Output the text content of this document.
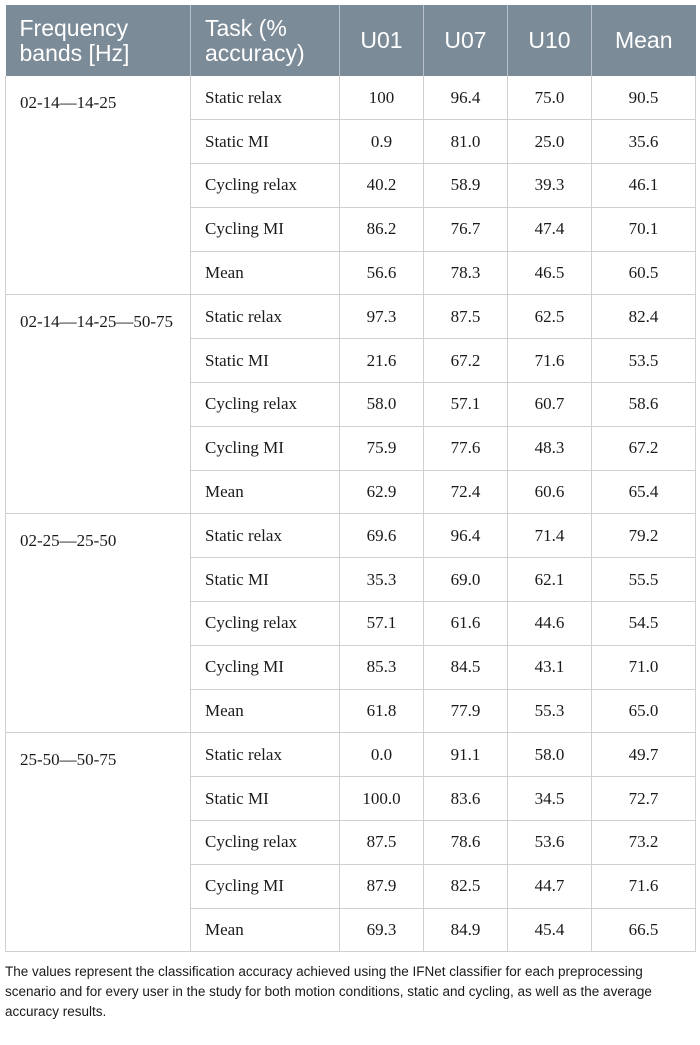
Frequency bands [Hz]	Task (% accuracy)	U01	U07	U10	Mean
02-14—14-25	Static relax	100	96.4	75.0	90.5
	Static MI	0.9	81.0	25.0	35.6
	Cycling relax	40.2	58.9	39.3	46.1
	Cycling MI	86.2	76.7	47.4	70.1
	Mean	56.6	78.3	46.5	60.5
02-14—14-25—50-75	Static relax	97.3	87.5	62.5	82.4
	Static MI	21.6	67.2	71.6	53.5
	Cycling relax	58.0	57.1	60.7	58.6
	Cycling MI	75.9	77.6	48.3	67.2
	Mean	62.9	72.4	60.6	65.4
02-25—25-50	Static relax	69.6	96.4	71.4	79.2
	Static MI	35.3	69.0	62.1	55.5
	Cycling relax	57.1	61.6	44.6	54.5
	Cycling MI	85.3	84.5	43.1	71.0
	Mean	61.8	77.9	55.3	65.0
25-50—50-75	Static relax	0.0	91.1	58.0	49.7
	Static MI	100.0	83.6	34.5	72.7
	Cycling relax	87.5	78.6	53.6	73.2
	Cycling MI	87.9	82.5	44.7	71.6
	Mean	69.3	84.9	45.4	66.5

The values represent the classification accuracy achieved using the IFNet classifier for each preprocessing scenario and for every user in the study for both motion conditions, static and cycling, as well as the average accuracy results.
